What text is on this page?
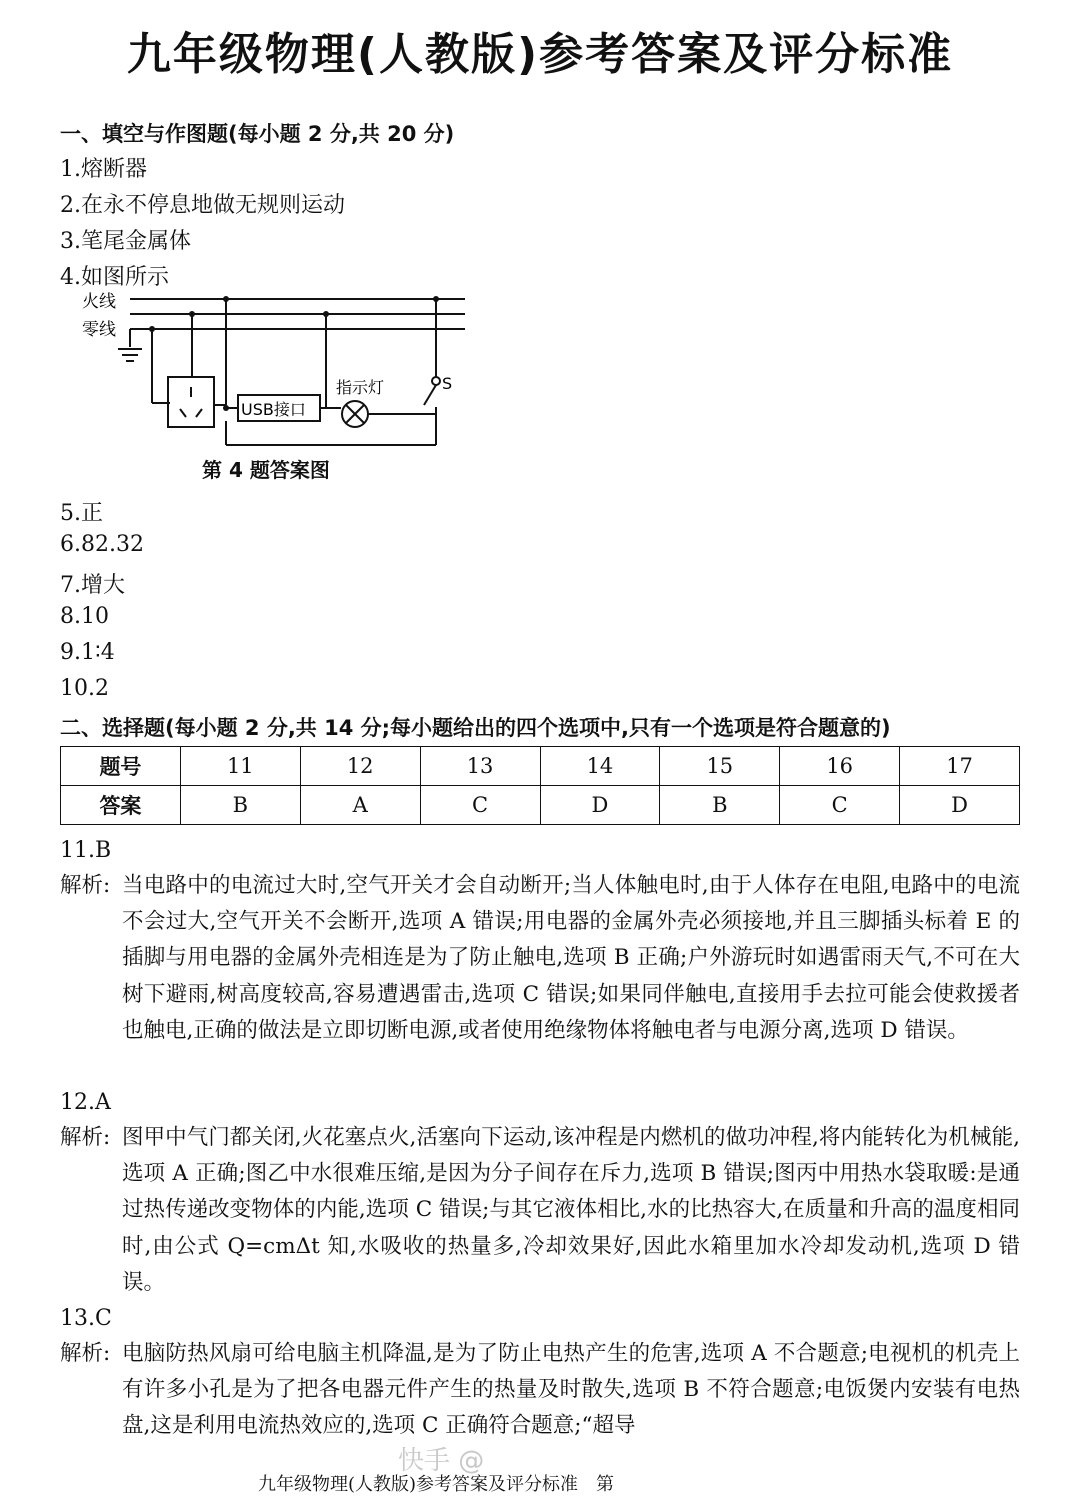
九年级物理(人教版)参考答案及评分标准
一、填空与作图题(每小题 2 分,共 20 分)
1.熔断器
2.在永不停息地做无规则运动
3.笔尾金属体
4.如图所示
火线
零线
USB接口
指示灯	S
第 4 题答案图
5.正
6.82.32
7.增大
8.10
9.1∶4
10.2
二、选择题(每小题 2 分,共 14 分;每小题给出的四个选项中,只有一个选项是符合题意的)
题号	11	12	13	14	15	16	17
答案	B	A	C	D	B	C	D
11.B
解析: 当电路中的电流过大时,空气开关才会自动断开;当人体触电时,由于人体存在电阻,电路中的电流不会过大,空气开关不会断开,选项 A 错误;用电器的金属外壳必须接地,并且三脚插头标着 E 的插脚与用电器的金属外壳相连是为了防止触电,选项 B 正确;户外游玩时如遇雷雨天气,不可在大树下避雨,树高度较高,容易遭遇雷击,选项 C 错误;如果同伴触电,直接用手去拉可能会使救援者也触电,正确的做法是立即切断电源,或者使用绝缘物体将触电者与电源分离,选项 D 错误。
12.A
解析: 图甲中气门都关闭,火花塞点火,活塞向下运动,该冲程是内燃机的做功冲程,将内能转化为机械能,选项 A 正确;图乙中水很难压缩,是因为分子间存在斥力,选项 B 错误;图丙中用热水袋取暖:是通过热传递改变物体的内能,选项 C 错误;与其它液体相比,水的比热容大,在质量和升高的温度相同时,由公式 Q=cmΔt 知,水吸收的热量多,冷却效果好,因此水箱里加水冷却发动机,选项 D 错误。
13.C
解析: 电脑防热风扇可给电脑主机降温,是为了防止电热产生的危害,选项 A 不合题意;电视机的机壳上有许多小孔是为了把各电器元件产生的热量及时散失,选项 B 不符合题意;电饭煲内安装有电热盘,这是利用电流热效应的,选项 C 正确符合题意;“超导
快手 @
九年级物理(人教版)参考答案及评分标准　第
